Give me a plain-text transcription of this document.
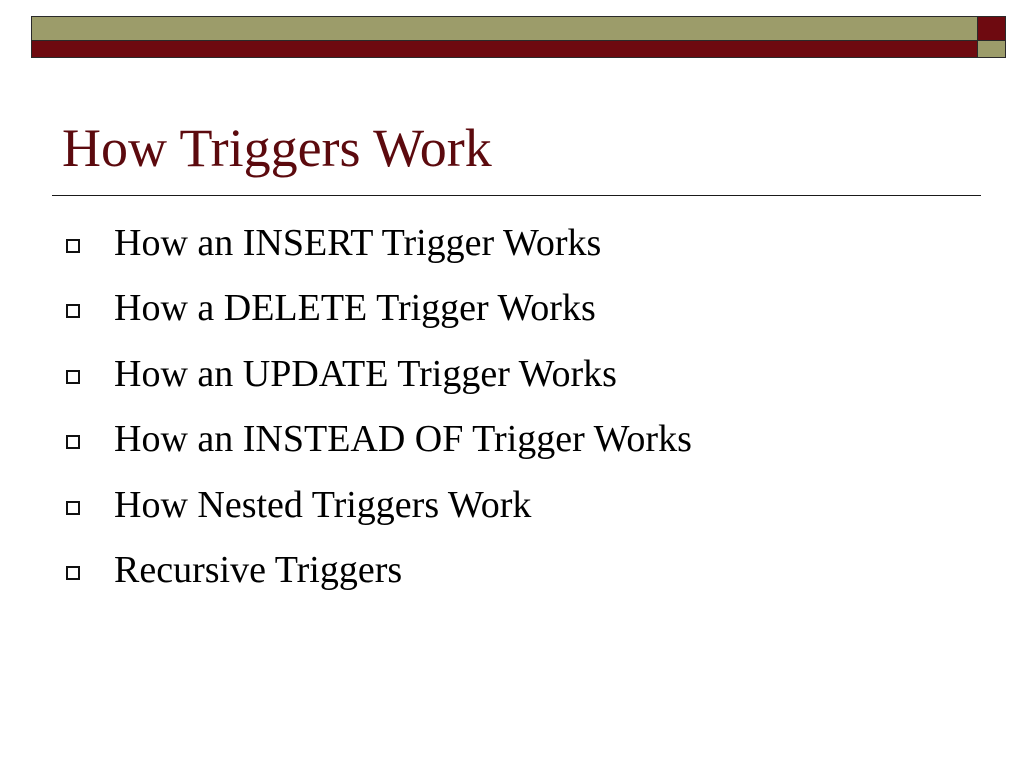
How Triggers Work
How an INSERT Trigger Works
How a DELETE Trigger Works
How an UPDATE Trigger Works
How an INSTEAD OF Trigger Works
How Nested Triggers Work
Recursive Triggers
